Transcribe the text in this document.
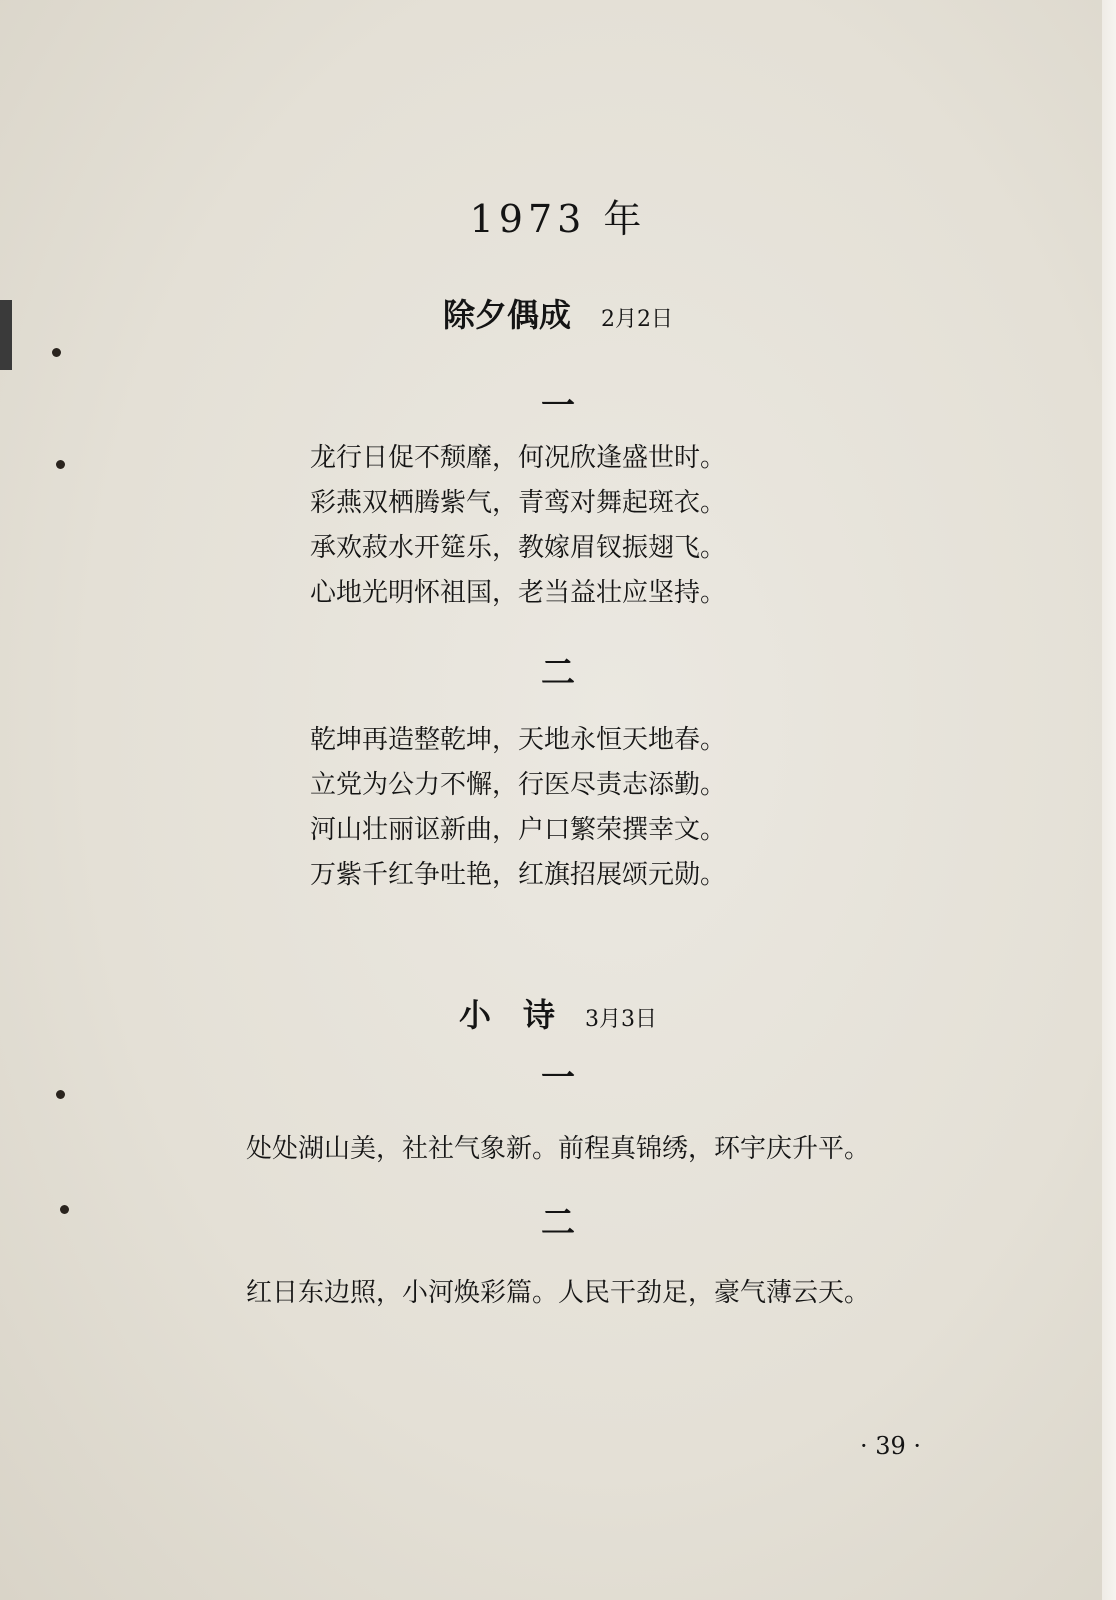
1973 年
除夕偶成 2月2日
一
龙行日促不颓靡，何况欣逢盛世时。
彩燕双栖腾紫气，青鸾对舞起斑衣。
承欢菽水开筵乐，教嫁眉钗振翅飞。
心地光明怀祖国，老当益壮应坚持。
二
乾坤再造整乾坤，天地永恒天地春。
立党为公力不懈，行医尽责志添勤。
河山壮丽讴新曲，户口繁荣撰幸文。
万紫千红争吐艳，红旗招展颂元勋。
小　诗 3月3日
一
处处湖山美，社社气象新。前程真锦绣，环宇庆升平。
二
红日东边照，小河焕彩篇。人民干劲足，豪气薄云天。
· 39 ·
